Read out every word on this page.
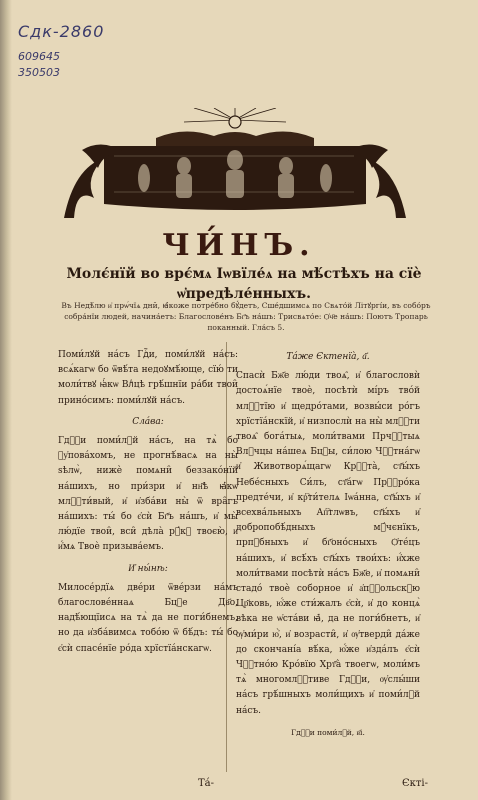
Сдк-2860
609645
350503
ЧИ́НЪ.
Молє́нїй во врє́мѧ Іѡвїле́ѧ на мѣ́стѣхъ на сїѐ ѡ҆предѣле́нныхъ.
Въ Недѣ́лю и҆ прѡ́чїѧ дни̑, ꙗ҆́коже потре́бно бꙋ́детъ, Сше́дшимсѧ по Свѧто́й Літꙋргі́и, въ собо́ръ собра́нїи людей, начина́етъ: Благослове́нъ Бг҃ъ на́шъ: Трисвѧто́е: Ѻ҆ч҃е на́шъ: Поютъ Тропарь поканный. Гла́съ 5.

Поми́лꙋй на́съ Гдⷭ҇и, поми́лꙋй на́съ: всѧ́кагѡ бо ѿвѣ́та недоꙋмѣ́юще, сїю́ ти моли́твꙋ ꙗ҆́кѡ Влⷣцѣ грѣ́шнїи ра́би твои̑ прино́симъ: поми́лꙋй на́съ.

Сла́ва:

Гдⷭ҇и поми́лꙋй на́съ, на тѧ̀ бо ᲂу҆пова́хомъ, не прогнѣ́васѧ на ны̀ ѕѣлѡ̀, нижѐ помѧни̑ беззако́нїй на́шихъ, но при́зри и҆ нн҃ѣ ꙗ҆́кѡ млⷭ҇ти́вый, и҆ и҆зба́ви ны̀ ѿ вра̑гъ на́шихъ: ты́ бо є҆сѝ Бг҃ъ на́шъ, и҆ мы̀ лю́дїе твои̑, вси̑ дѣла̀ рꙋ́кꙋ твоєю̀, и҆ и҆́мѧ Твоѐ призыва́емъ.

И҆ ны́нѣ:

Милосе́рдїѧ две́ри ѿве́рзи на́мъ благослове́ннаѧ Бцⷣе Дв҃о, надѣ́ющїисѧ на тѧ̀ да не поги́бнемъ, но да и҆зба́вимсѧ тобо́ю ѿ бѣ́дъ: ты́ бо є҆сѝ спасе́нїе ро́да хрїстїа́нскагѡ.

Та́же Єктенїа̀, а҃.

Спасѝ Бж҃е лю́ди твоѧ̑, и҆ благословѝ достоѧ́нїе твоѐ, посѣтѝ мі́ръ тво́й млⷭ҇тїю и҆ щедро́тами, возвы́си ро́гъ хрїстїа́нскїй, и҆ низпослѝ на ны̀ млⷭ҇ти твоѧ̑ бога́тыѧ, моли́твами Прчⷭ҇тыѧ Влⷣчцы на́шеѧ Бцⷣы, си́лою Чⷭ҇тна́гѡ и҆ Животворѧ́щагѡ Крⷭ҇та̀, ст҃ы́хъ Небе́сныхъ Си́лъ, ст҃а́гѡ Прⷪ҇ро́ка предте́чи, и҆ кр҇ти́телѧ Іѡа́нна, ст҃ы́хъ и҆ всехва́льныхъ Ап҇тлѡвъ, ст҃ы́хъ и҆ добропобѣ́дныхъ мꙋ́чєнїкъ, прпⷣбныхъ и҆ бг҃оно́сныхъ Ѻ҆те́цъ на́шихъ, и҆ всѣ́хъ ст҃ы́хъ твои́хъ: и҆́хже моли́твами посѣтѝ на́съ Бж҃е, и҆ помѧни̑ стадо́ твоѐ соборное и҆ а҆пⷭ҇ольскꙋю Цр҃ковь, ю҆́же сти́жалъ є҆сѝ, и҆ до концѧ̀ вѣка не ѡ҆ста́ви ꙗ҆̀, да не поги́бнетъ, и҆ ѹ҆ми́ри ю҆̀, и҆ возрасти̑, и҆ ѹ҆тверди̑ да́же до скончані́а вѣ́ка, ю҆́же и҆зда́лъ є҆сѝ Чⷭ҇тно́ю Кро́вїю Хрт҃а̀ твоегѡ, моли́мъ тѧ̀ многомлⷭ҇тиве Гдⷭ҇и, ѹ҆слы́ши на́съ грѣ́шныхъ моли́щихъ и҆ поми́лꙋй на́съ.

Гдⷭ҇и поми́лꙋй, в҃і.
Та́-	Єкті-
